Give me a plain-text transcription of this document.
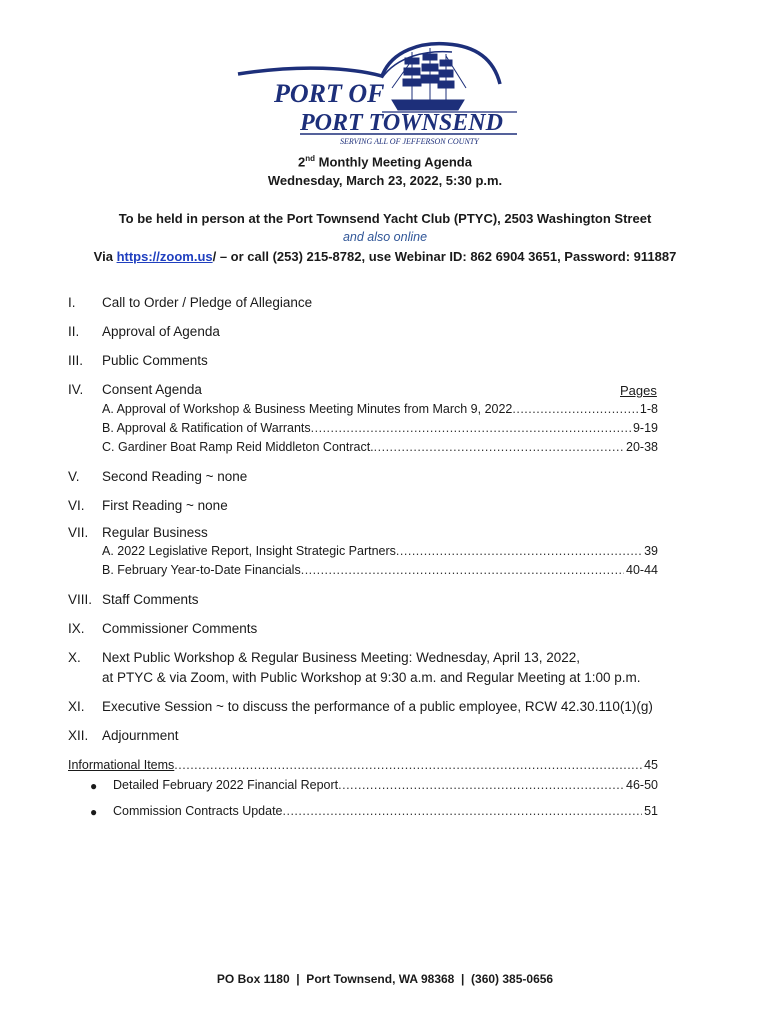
PORT OF
PORT TOWNSEND
SERVING ALL OF JEFFERSON COUNTY
2nd Monthly Meeting Agenda
Wednesday, March 23, 2022, 5:30 p.m.
To be held in person at the Port Townsend Yacht Club (PTYC), 2503 Washington Street
and also online
Via https://zoom.us/ – or call (253) 215-8782, use Webinar ID: 862 6904 3651, Password: 911887
I. Call to Order / Pledge of Allegiance
II. Approval of Agenda
III. Public Comments
IV. Consent Agenda	Pages
A. Approval of Workshop & Business Meeting Minutes from March 9, 2022 .....	1-8
B. Approval & Ratification of Warrants .....	9-19
C. Gardiner Boat Ramp Reid Middleton Contract. .....	20-38
V. Second Reading ~ none
VI. First Reading ~ none
VII. Regular Business
A. 2022 Legislative Report, Insight Strategic Partners .....	39
B. February Year-to-Date Financials .....	40-44
VIII. Staff Comments
IX. Commissioner Comments
X. Next Public Workshop & Regular Business Meeting: Wednesday, April 13, 2022,
at PTYC & via Zoom, with Public Workshop at 9:30 a.m. and Regular Meeting at 1:00 p.m.
XI. Executive Session ~ to discuss the performance of a public employee, RCW 42.30.110(1)(g)
XII. Adjournment
Informational Items .....	45
● Detailed February 2022 Financial Report .....	46-50
● Commission Contracts Update .....	51
PO Box 1180  |  Port Townsend, WA 98368  |  (360) 385-0656
